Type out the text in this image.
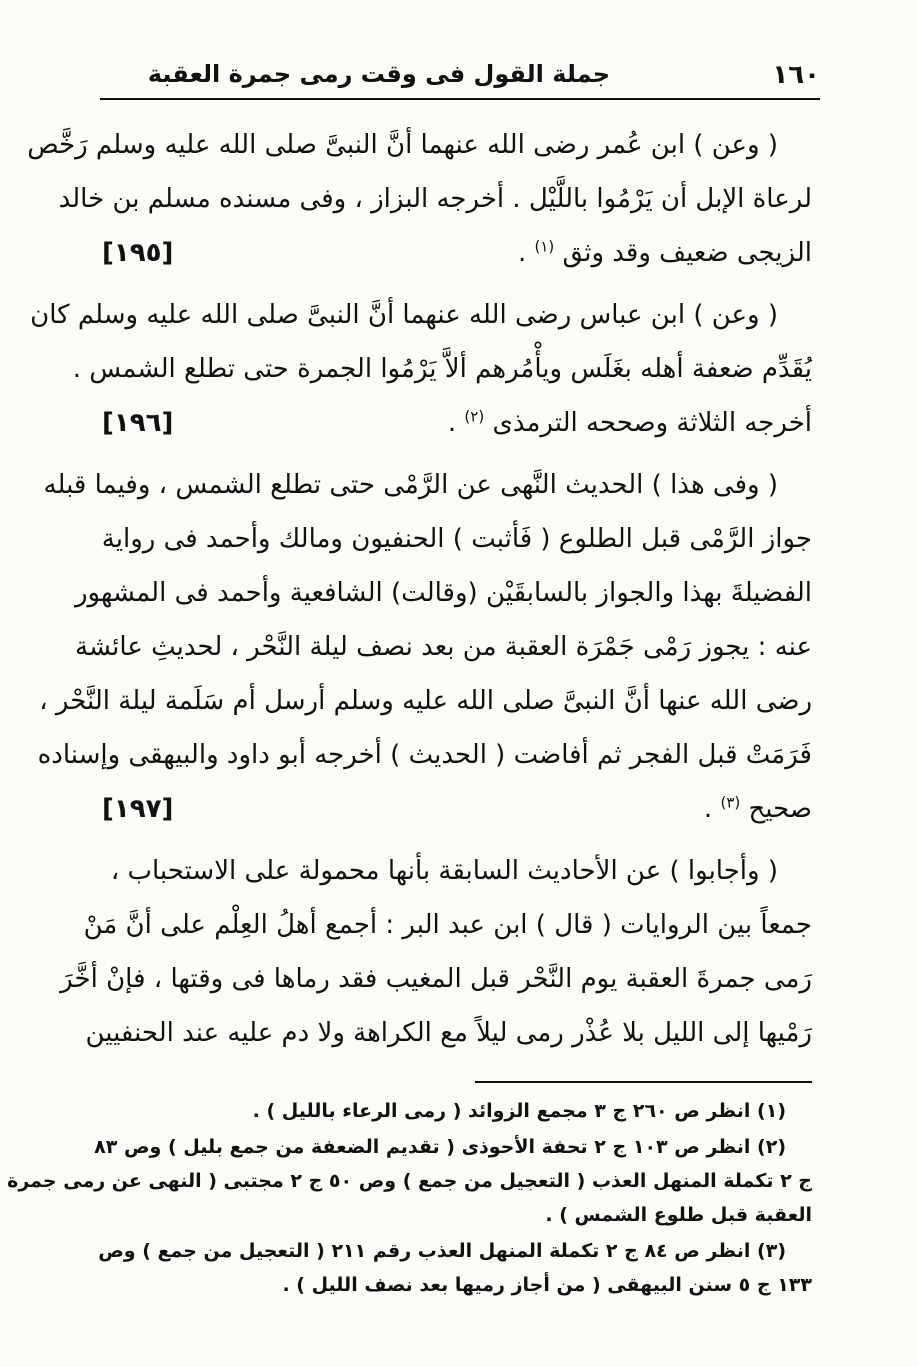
١٦٠
جملة القول فى وقت رمى جمرة العقبة

( وعن ) ابن عُمر رضى الله عنهما أنَّ النبىَّ صلى الله عليه وسلم رَخَّص
لرعاة الإبل أن يَرْمُوا باللَّيْل . أخرجه البزاز ، وفى مسنده مسلم بن خالد
الزيجى ضعيف وقد وثق $^{(١)}$ .
[١٩٥]

( وعن ) ابن عباس رضى الله عنهما أنَّ النبىَّ صلى الله عليه وسلم كان
يُقَدِّم ضعفة أهله بغَلَس ويأْمُرهم ألاَّ يَرْمُوا الجمرة حتى تطلع الشمس .
أخرجه الثلاثة وصححه الترمذى $^{(٢)}$ .
[١٩٦]

( وفى هذا ) الحديث النَّهى عن الرَّمْى حتى تطلع الشمس ، وفيما قبله
جواز الرَّمْى قبل الطلوع ( فَأثبت ) الحنفيون ومالك وأحمد فى رواية
الفضيلةَ بهذا والجواز بالسابقَيْن (وقالت) الشافعية وأحمد فى المشهور
عنه : يجوز رَمْى جَمْرَة العقبة من بعد نصف ليلة النَّحْر ، لحديثِ عائشة
رضى الله عنها أنَّ النبىَّ صلى الله عليه وسلم أرسل أم سَلَمة ليلة النَّحْر ،
فَرَمَتْ قبل الفجر ثم أفاضت ( الحديث ) أخرجه أبو داود والبيهقى وإسناده
صحيح $^{(٣)}$ .
[١٩٧]

( وأجابوا ) عن الأحاديث السابقة بأنها محمولة على الاستحباب ،
جمعاً بين الروايات ( قال ) ابن عبد البر : أجمع أهلُ العِلْم على أنَّ مَنْ
رَمى جمرةَ العقبة يوم النَّحْر قبل المغيب فقد رماها فى وقتها ، فإنْ أخَّرَ
رَمْيها إلى الليل بلا عُذْر رمى ليلاً مع الكراهة ولا دم عليه عند الحنفيين

(١) انظر ص ٢٦٠ ج ٣ مجمع الزوائد ( رمى الرعاء بالليل ) .

(٢) انظر ص ١٠٣ ج ٢ تحفة الأحوذى ( تقديم الضعفة من جمع بليل ) وص ٨٣
ج ٢ تكملة المنهل العذب ( التعجيل من جمع ) وص ٥٠ ج ٢ مجتبى ( النهى عن رمى جمرة
العقبة قبل طلوع الشمس ) .

(٣) انظر ص ٨٤ ج ٢ تكملة المنهل العذب رقم ٢١١ ( التعجيل من جمع ) وص
١٣٣ ج ٥ سنن البيهقى ( من أجاز رميها بعد نصف الليل ) .
